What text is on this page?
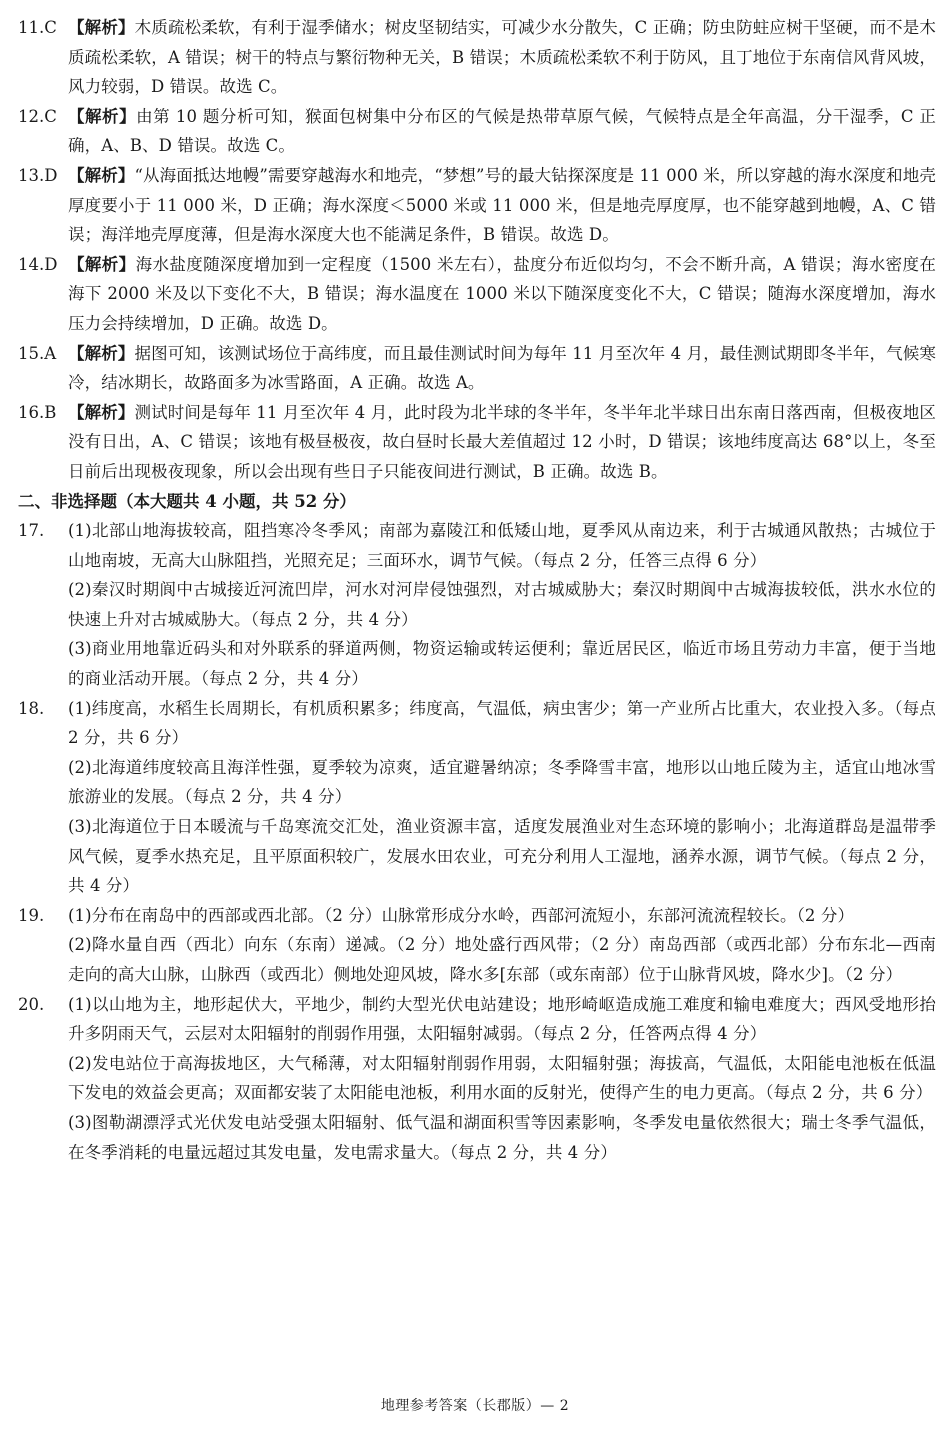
11.C 【解析】木质疏松柔软，有利于湿季储水；树皮坚韧结实，可减少水分散失，C 正确；防虫防蛀应树干坚硬，而不是木质疏松柔软，A 错误；树干的特点与繁衍物种无关，B 错误；木质疏松柔软不利于防风，且丁地位于东南信风背风坡，风力较弱，D 错误。故选 C。
12.C 【解析】由第 10 题分析可知，猴面包树集中分布区的气候是热带草原气候，气候特点是全年高温，分干湿季，C 正确，A、B、D 错误。故选 C。
13.D 【解析】“从海面抵达地幔”需要穿越海水和地壳，“梦想”号的最大钻探深度是 11 000 米，所以穿越的海水深度和地壳厚度要小于 11 000 米，D 正确；海水深度＜5000 米或 11 000 米，但是地壳厚度厚，也不能穿越到地幔，A、C 错误；海洋地壳厚度薄，但是海水深度大也不能满足条件，B 错误。故选 D。
14.D 【解析】海水盐度随深度增加到一定程度（1500 米左右），盐度分布近似均匀，不会不断升高，A 错误；海水密度在海下 2000 米及以下变化不大，B 错误；海水温度在 1000 米以下随深度变化不大，C 错误；随海水深度增加，海水压力会持续增加，D 正确。故选 D。
15.A 【解析】据图可知，该测试场位于高纬度，而且最佳测试时间为每年 11 月至次年 4 月，最佳测试期即冬半年，气候寒冷，结冰期长，故路面多为冰雪路面，A 正确。故选 A。
16.B 【解析】测试时间是每年 11 月至次年 4 月，此时段为北半球的冬半年，冬半年北半球日出东南日落西南，但极夜地区没有日出，A、C 错误；该地有极昼极夜，故白昼时长最大差值超过 12 小时，D 错误；该地纬度高达 68°以上，冬至日前后出现极夜现象，所以会出现有些日子只能夜间进行测试，B 正确。故选 B。
二、非选择题（本大题共 4 小题，共 52 分）
17.	(1)北部山地海拔较高，阻挡寒冷冬季风；南部为嘉陵江和低矮山地，夏季风从南边来，利于古城通风散热；古城位于山地南坡，无高大山脉阻挡，光照充足；三面环水，调节气候。（每点 2 分，任答三点得 6 分）
(2)秦汉时期阆中古城接近河流凹岸，河水对河岸侵蚀强烈，对古城威胁大；秦汉时期阆中古城海拔较低，洪水水位的快速上升对古城威胁大。（每点 2 分，共 4 分）
(3)商业用地靠近码头和对外联系的驿道两侧，物资运输或转运便利；靠近居民区，临近市场且劳动力丰富，便于当地的商业活动开展。（每点 2 分，共 4 分）
18.	(1)纬度高，水稻生长周期长，有机质积累多；纬度高，气温低，病虫害少；第一产业所占比重大，农业投入多。（每点 2 分，共 6 分）
(2)北海道纬度较高且海洋性强，夏季较为凉爽，适宜避暑纳凉；冬季降雪丰富，地形以山地丘陵为主，适宜山地冰雪旅游业的发展。（每点 2 分，共 4 分）
(3)北海道位于日本暖流与千岛寒流交汇处，渔业资源丰富，适度发展渔业对生态环境的影响小；北海道群岛是温带季风气候，夏季水热充足，且平原面积较广，发展水田农业，可充分利用人工湿地，涵养水源，调节气候。（每点 2 分，共 4 分）
19.	(1)分布在南岛中的西部或西北部。（2 分）山脉常形成分水岭，西部河流短小，东部河流流程较长。（2 分）
(2)降水量自西（西北）向东（东南）递减。（2 分）地处盛行西风带；（2 分）南岛西部（或西北部）分布东北—西南走向的高大山脉，山脉西（或西北）侧地处迎风坡，降水多[东部（或东南部）位于山脉背风坡，降水少]。（2 分）
20.	(1)以山地为主，地形起伏大，平地少，制约大型光伏电站建设；地形崎岖造成施工难度和输电难度大；西风受地形抬升多阴雨天气，云层对太阳辐射的削弱作用强，太阳辐射减弱。（每点 2 分，任答两点得 4 分）
(2)发电站位于高海拔地区，大气稀薄，对太阳辐射削弱作用弱，太阳辐射强；海拔高，气温低，太阳能电池板在低温下发电的效益会更高；双面都安装了太阳能电池板，利用水面的反射光，使得产生的电力更高。（每点 2 分，共 6 分）
(3)图勒湖漂浮式光伏发电站受强太阳辐射、低气温和湖面积雪等因素影响，冬季发电量依然很大；瑞士冬季气温低，在冬季消耗的电量远超过其发电量，发电需求量大。（每点 2 分，共 4 分）
地理参考答案（长郡版）— 2
